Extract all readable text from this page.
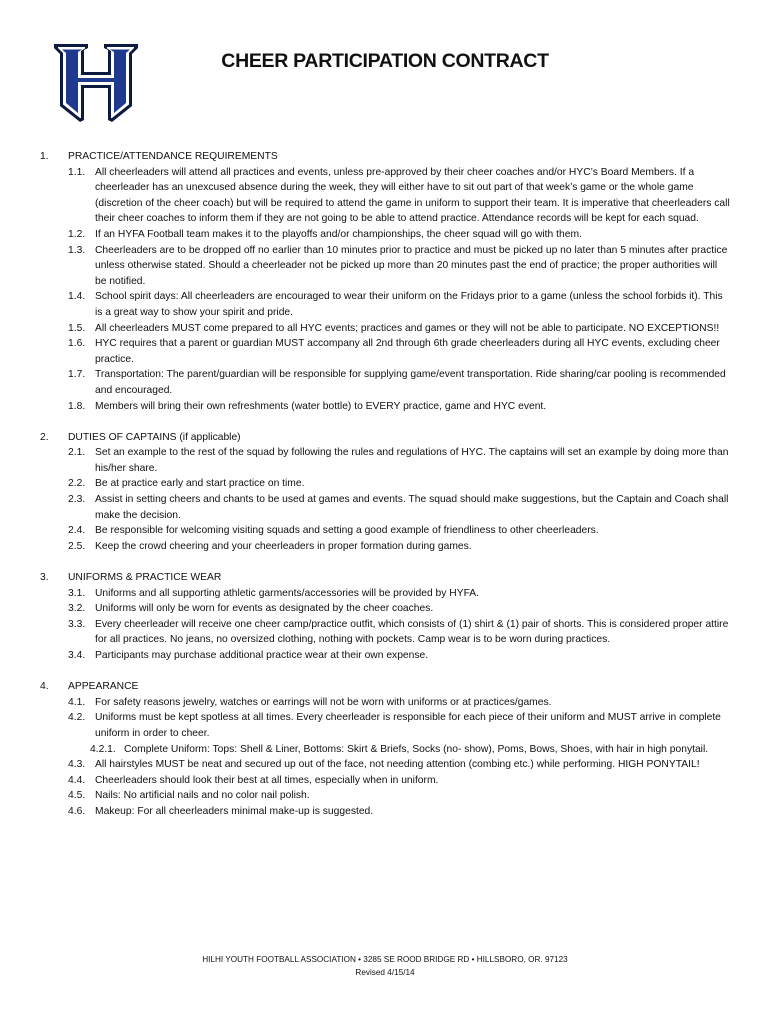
CHEER PARTICIPATION CONTRACT
1.	PRACTICE/ATTENDANCE REQUIREMENTS
1.1. All cheerleaders will attend all practices and events, unless pre-approved by their cheer coaches and/or HYC’s Board Members. If a cheerleader has an unexcused absence during the week, they will either have to sit out part of that week’s game or the whole game (discretion of the cheer coach) but will be required to attend the game in uniform to support their team. It is imperative that cheerleaders call their cheer coaches to inform them if they are not going to be able to attend practice. Attendance records will be kept for each squad.
1.2. If an HYFA Football team makes it to the playoffs and/or championships, the cheer squad will go with them.
1.3. Cheerleaders are to be dropped off no earlier than 10 minutes prior to practice and must be picked up no later than 5 minutes after practice unless otherwise stated. Should a cheerleader not be picked up more than 20 minutes past the end of practice; the proper authorities will be notified.
1.4. School spirit days: All cheerleaders are encouraged to wear their uniform on the Fridays prior to a game (unless the school forbids it). This is a great way to show your spirit and pride.
1.5. All cheerleaders MUST come prepared to all HYC events; practices and games or they will not be able to participate. NO EXCEPTIONS!!
1.6. HYC requires that a parent or guardian MUST accompany all 2nd through 6th grade cheerleaders during all HYC events, excluding cheer practice.
1.7. Transportation: The parent/guardian will be responsible for supplying game/event transportation. Ride sharing/car pooling is recommended and encouraged.
1.8. Members will bring their own refreshments (water bottle) to EVERY practice, game and HYC event.
2.	DUTIES OF CAPTAINS (if applicable)
2.1. Set an example to the rest of the squad by following the rules and regulations of HYC. The captains will set an example by doing more than his/her share.
2.2. Be at practice early and start practice on time.
2.3. Assist in setting cheers and chants to be used at games and events. The squad should make suggestions, but the Captain and Coach shall make the decision.
2.4. Be responsible for welcoming visiting squads and setting a good example of friendliness to other cheerleaders.
2.5. Keep the crowd cheering and your cheerleaders in proper formation during games.
3.	UNIFORMS & PRACTICE WEAR
3.1. Uniforms and all supporting athletic garments/accessories will be provided by HYFA.
3.2. Uniforms will only be worn for events as designated by the cheer coaches.
3.3. Every cheerleader will receive one cheer camp/practice outfit, which consists of (1) shirt & (1) pair of shorts. This is considered proper attire for all practices. No jeans, no oversized clothing, nothing with pockets. Camp wear is to be worn during practices.
3.4. Participants may purchase additional practice wear at their own expense.
4.	APPEARANCE
4.1. For safety reasons jewelry, watches or earrings will not be worn with uniforms or at practices/games.
4.2. Uniforms must be kept spotless at all times. Every cheerleader is responsible for each piece of their uniform and MUST arrive in complete uniform in order to cheer.
4.2.1. Complete Uniform: Tops: Shell & Liner, Bottoms: Skirt & Briefs, Socks (no- show), Poms, Bows, Shoes, with hair in high ponytail.
4.3. All hairstyles MUST be neat and secured up out of the face, not needing attention (combing etc.) while performing. HIGH PONYTAIL!
4.4. Cheerleaders should look their best at all times, especially when in uniform.
4.5. Nails: No artificial nails and no color nail polish.
4.6. Makeup: For all cheerleaders minimal make-up is suggested.
HILHI YOUTH FOOTBALL ASSOCIATION • 3285 SE ROOD BRIDGE RD • HILLSBORO, OR. 97123
Revised 4/15/14
